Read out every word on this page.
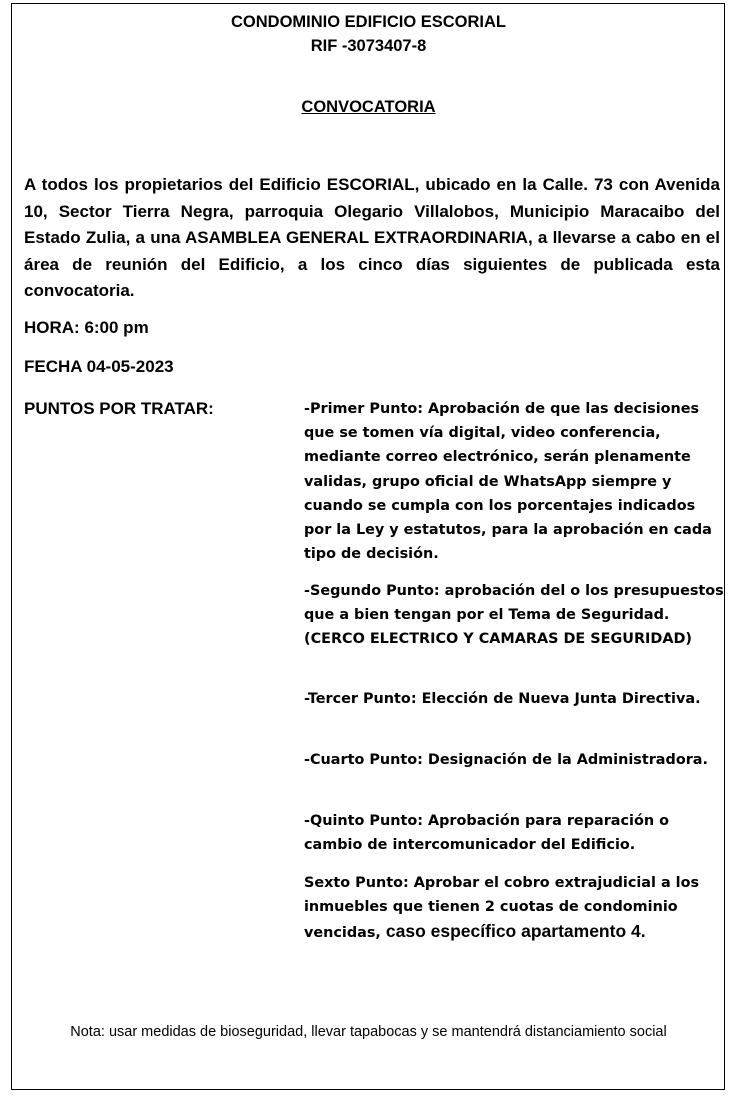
CONDOMINIO EDIFICIO ESCORIAL
RIF -3073407-8
CONVOCATORIA
A todos los propietarios del Edificio ESCORIAL, ubicado en la Calle. 73 con Avenida 10, Sector Tierra Negra, parroquia Olegario Villalobos, Municipio Maracaibo del Estado Zulia, a una ASAMBLEA GENERAL EXTRAORDINARIA, a llevarse a cabo en el área de reunión del Edificio, a los cinco días siguientes de publicada esta convocatoria.
HORA: 6:00 pm
FECHA 04-05-2023
PUNTOS POR TRATAR:	-Primer Punto: Aprobación de que las decisiones que se tomen vía digital, video conferencia, mediante correo electrónico, serán plenamente validas, grupo oficial de WhatsApp siempre y cuando se cumpla con los porcentajes indicados por la Ley y estatutos, para la aprobación en cada tipo de decisión.
-Segundo Punto: aprobación del o los presupuestos que a bien tengan por el Tema de Seguridad. (CERCO ELECTRICO Y CAMARAS DE SEGURIDAD)
-Tercer Punto: Elección de Nueva Junta Directiva.
-Cuarto Punto: Designación de la Administradora.
-Quinto Punto: Aprobación para reparación o cambio de intercomunicador del Edificio.
Sexto Punto: Aprobar el cobro extrajudicial a los inmuebles que tienen 2 cuotas de condominio vencidas, caso específico apartamento 4.
Nota: usar medidas de bioseguridad, llevar tapabocas y se mantendrá distanciamiento social
